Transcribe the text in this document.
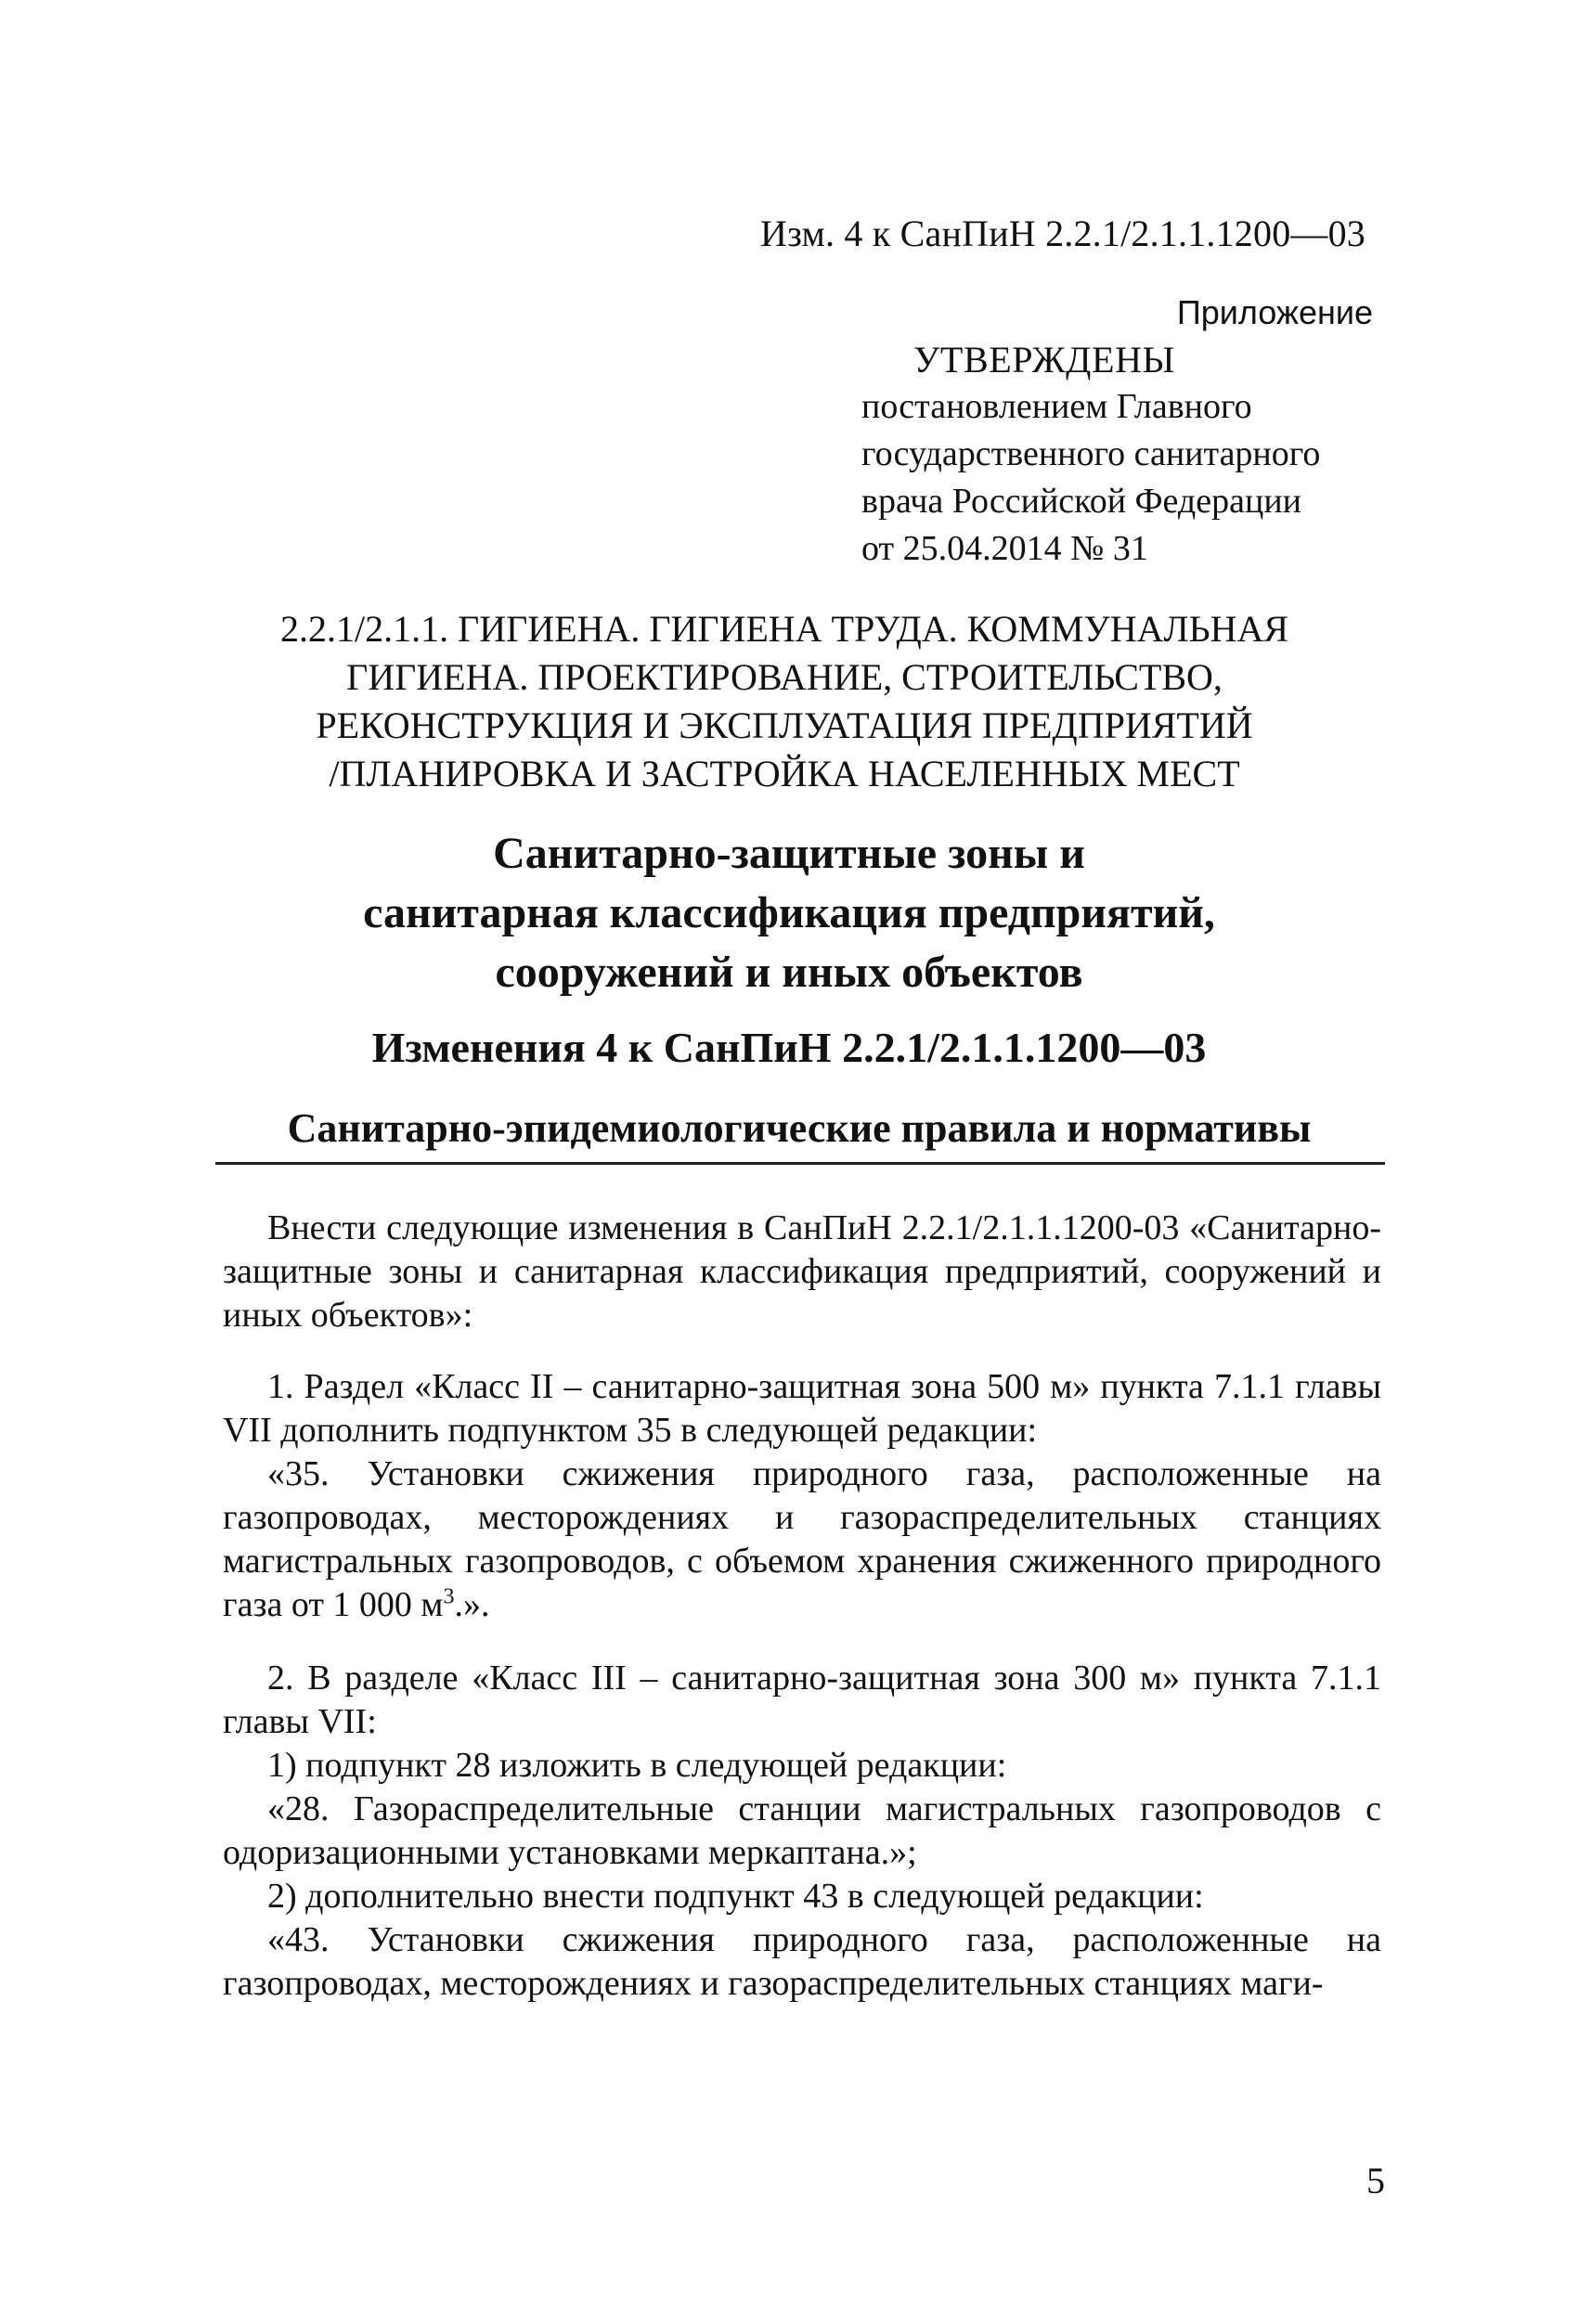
Изм. 4 к СанПиН 2.2.1/2.1.1.1200—03
Приложение
УТВЕРЖДЕНЫ
постановлением Главного
государственного санитарного
врача Российской Федерации
от 25.04.2014 № 31
2.2.1/2.1.1. ГИГИЕНА. ГИГИЕНА ТРУДА. КОММУНАЛЬНАЯ
ГИГИЕНА. ПРОЕКТИРОВАНИЕ, СТРОИТЕЛЬСТВО,
РЕКОНСТРУКЦИЯ И ЭКСПЛУАТАЦИЯ ПРЕДПРИЯТИЙ
/ПЛАНИРОВКА И ЗАСТРОЙКА НАСЕЛЕННЫХ МЕСТ
Санитарно-защитные зоны и
санитарная классификация предприятий,
сооружений и иных объектов
Изменения 4 к СанПиН 2.2.1/2.1.1.1200—03
Санитарно-эпидемиологические правила и нормативы

Внести следующие изменения в СанПиН 2.2.1/2.1.1.1200-03 «Санитарно-защитные зоны и санитарная классификация предприятий, сооружений и иных объектов»:

1. Раздел «Класс II – санитарно-защитная зона 500 м» пункта 7.1.1 главы VII дополнить подпунктом 35 в следующей редакции:

«35. Установки сжижения природного газа, расположенные на газопроводах, месторождениях и газораспределительных станциях магистральных газопроводов, с объемом хранения сжиженного природного газа от 1 000 $м^3$.».

2. В разделе «Класс III – санитарно-защитная зона 300 м» пункта 7.1.1 главы VII:

1) подпункт 28 изложить в следующей редакции:

«28. Газораспределительные станции магистральных газопроводов с одоризационными установками меркаптана.»;

2) дополнительно внести подпункт 43 в следующей редакции:

«43. Установки сжижения природного газа, расположенные на газопроводах, месторождениях и газораспределительных станциях маги-

5
